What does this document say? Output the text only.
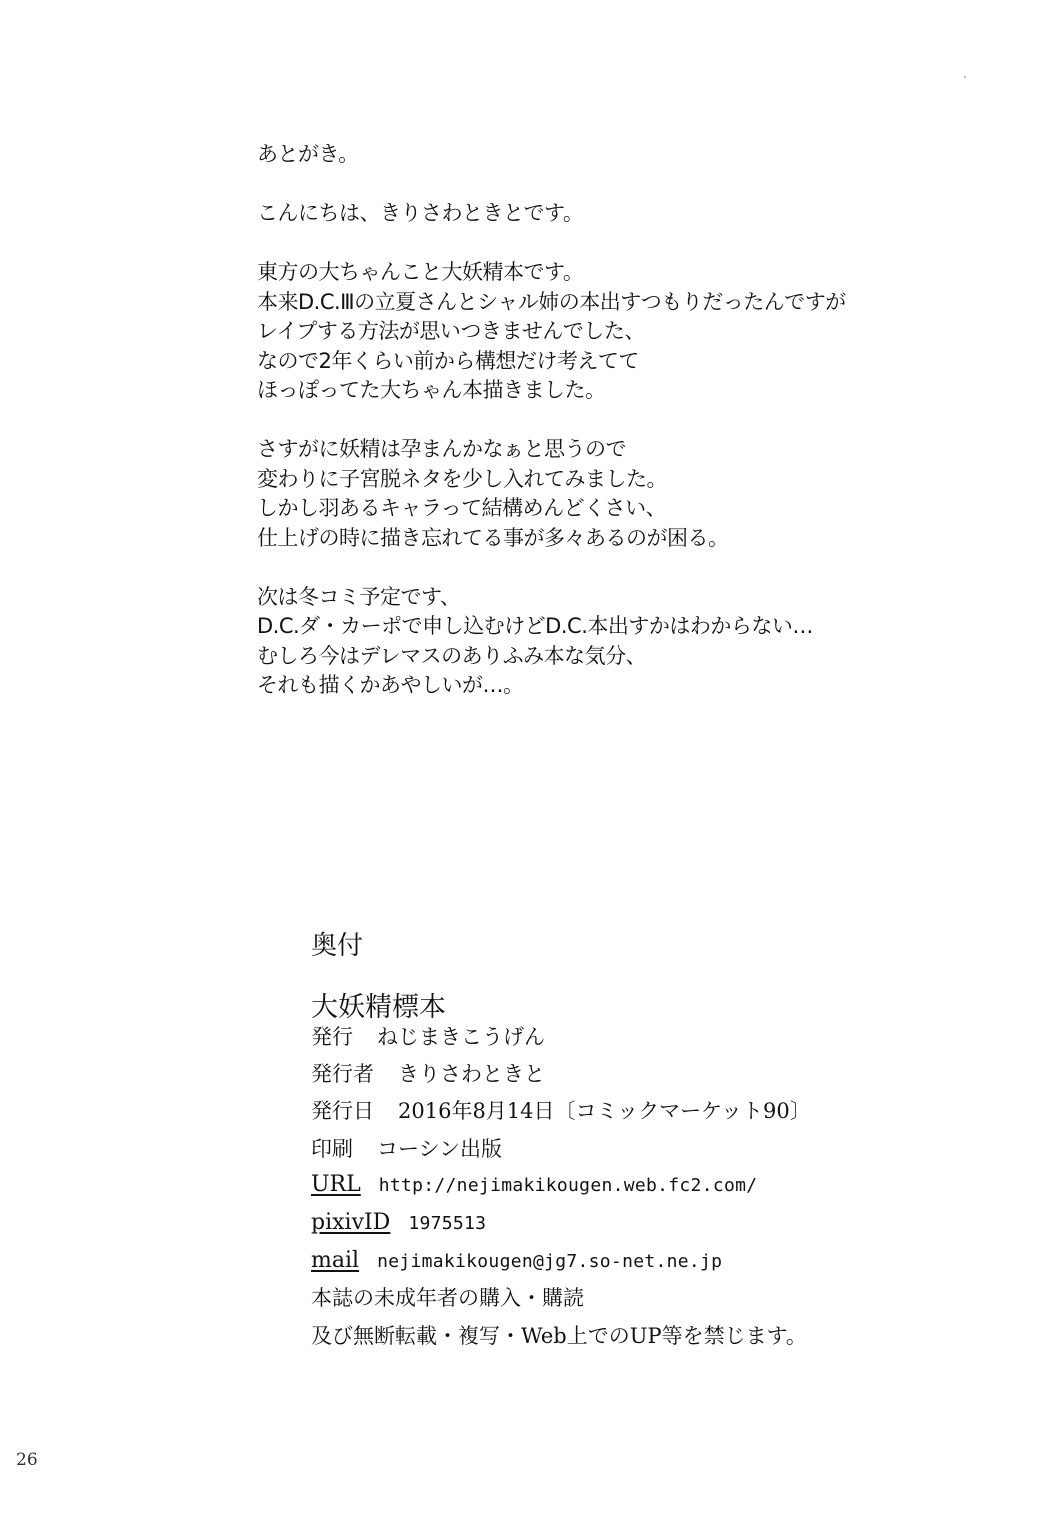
あとがき。
こんにちは、きりさわときとです。
東方の大ちゃんこと大妖精本です。
本来D.C.Ⅲの立夏さんとシャル姉の本出すつもりだったんですが
レイプする方法が思いつきませんでした、
なので2年くらい前から構想だけ考えてて
ほっぽってた大ちゃん本描きました。
さすがに妖精は孕まんかなぁと思うので
変わりに子宮脱ネタを少し入れてみました。
しかし羽あるキャラって結構めんどくさい、
仕上げの時に描き忘れてる事が多々あるのが困る。
次は冬コミ予定です、
D.C.ダ・カーポで申し込むけどD.C.本出すかはわからない…
むしろ今はデレマスのありふみ本な気分、
それも描くかあやしいが…。
奥付
大妖精標本
発行 ねじまきこうげん
発行者 きりさわときと
発行日 2016年8月14日〔コミックマーケット90〕
印刷 コーシン出版
URL http://nejimakikougen.web.fc2.com/
pixivID 1975513
mail nejimakikougen@jg7.so-net.ne.jp
本誌の未成年者の購入・購読
及び無断転載・複写・Web上でのUP等を禁じます。
26
